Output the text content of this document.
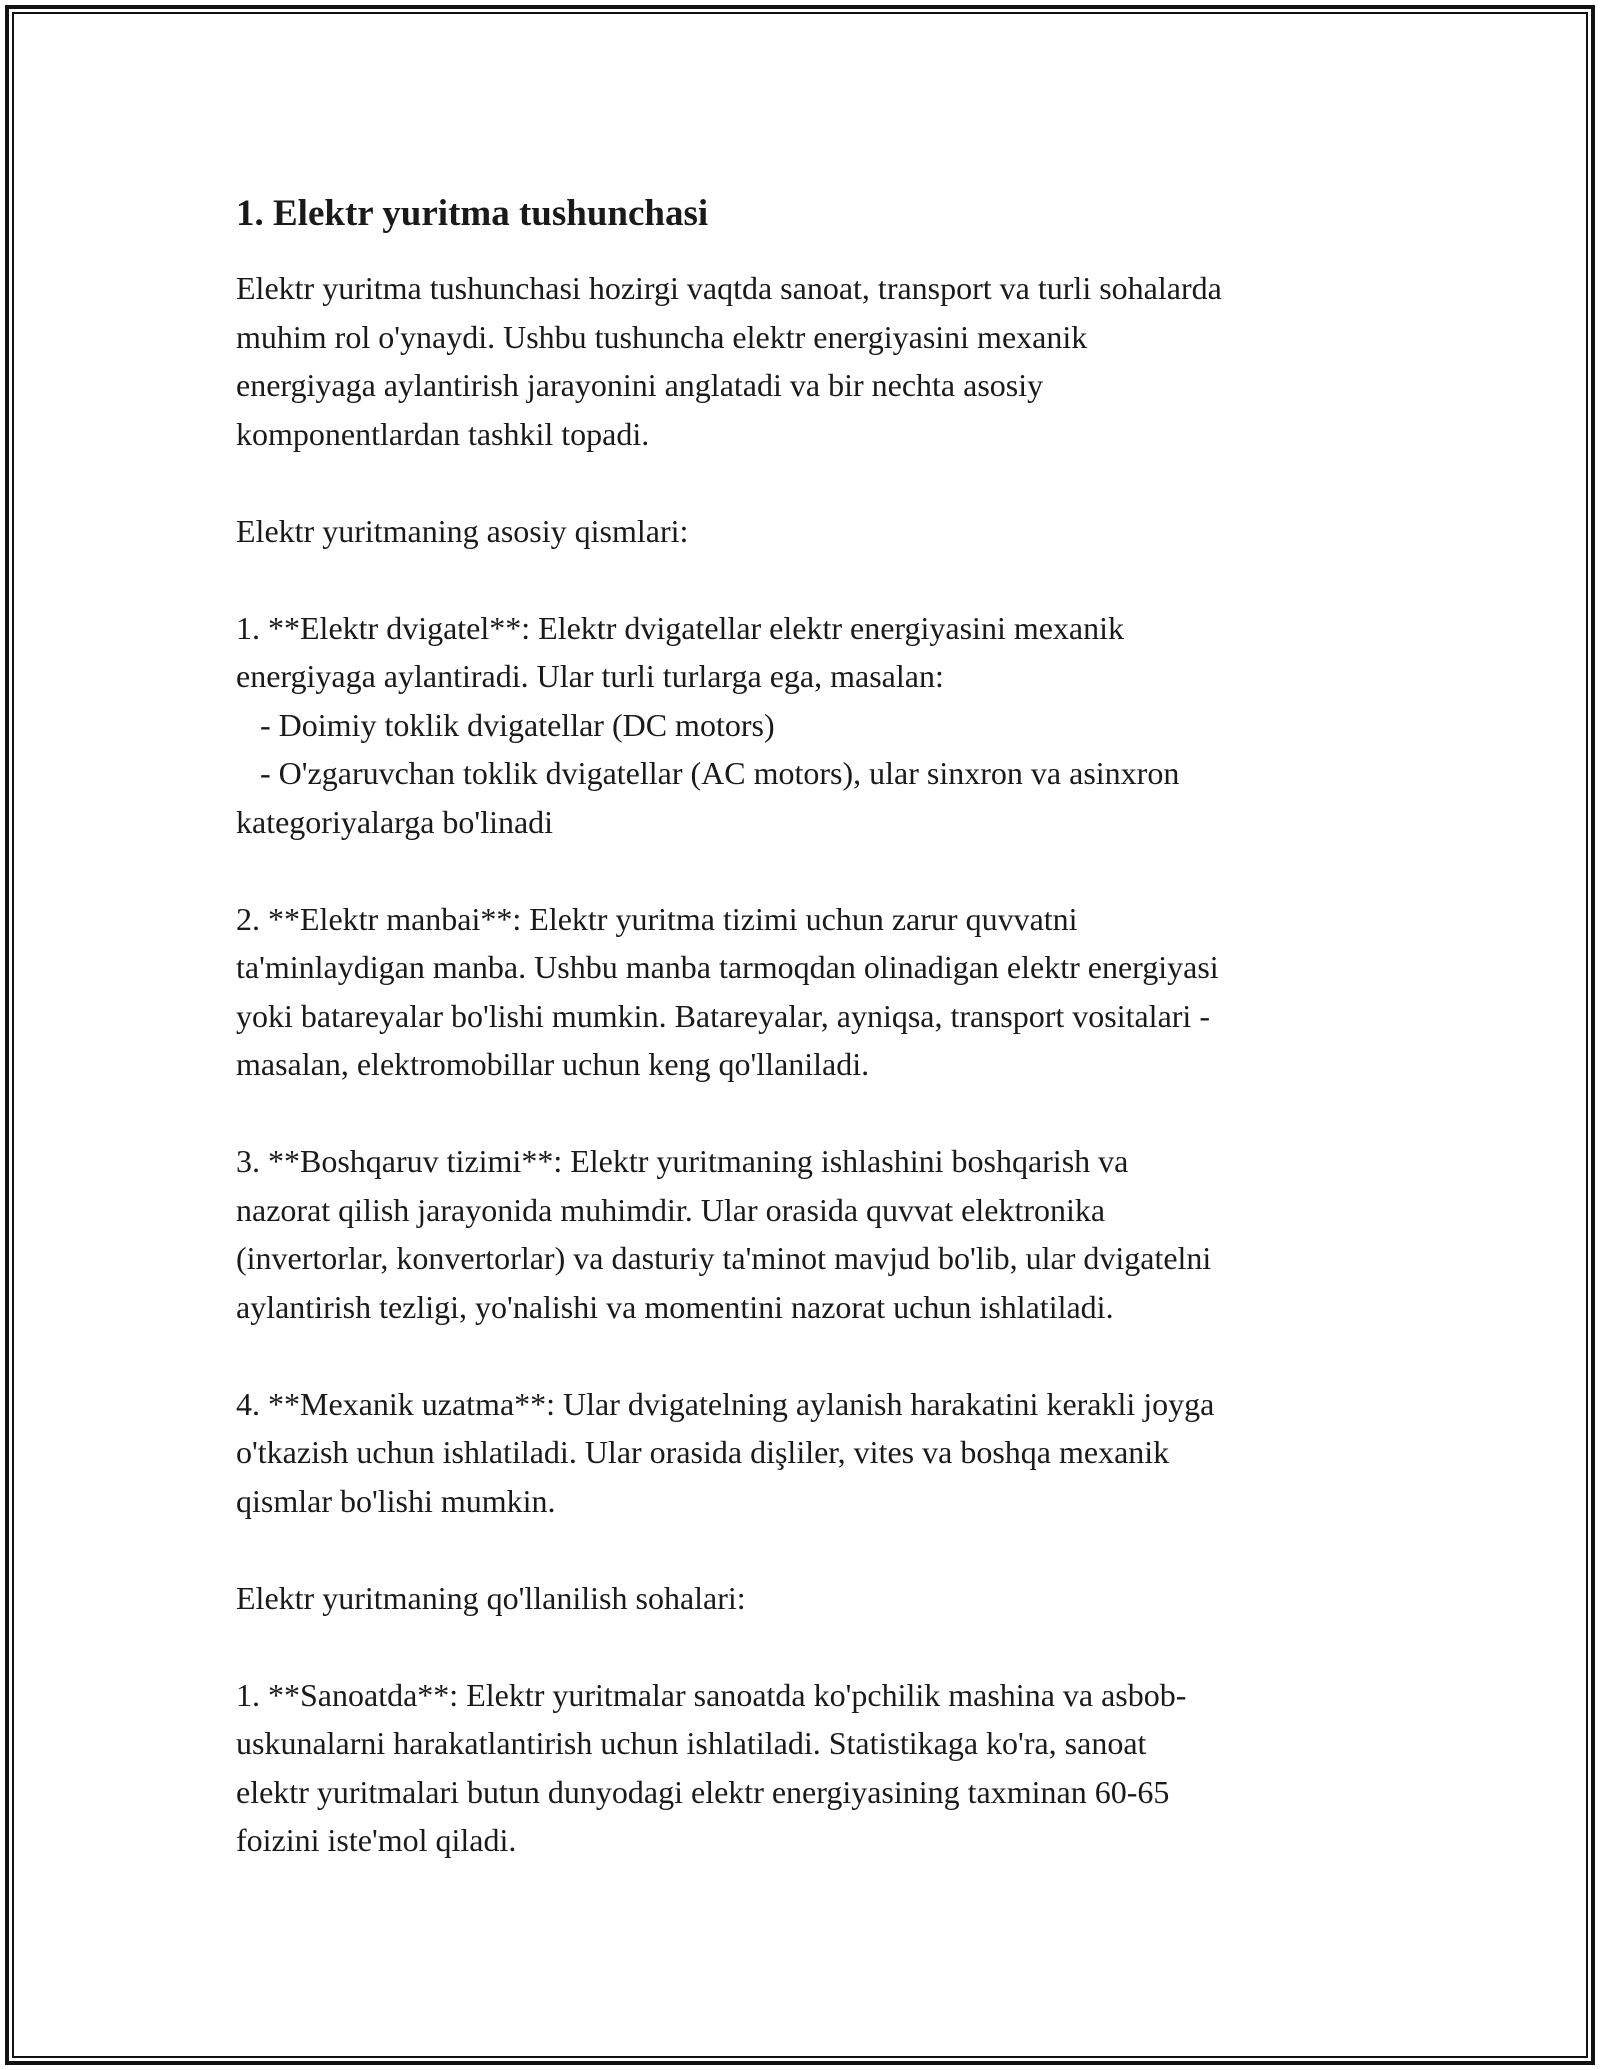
1. Elektr yuritma tushunchasi

Elektr yuritma tushunchasi hozirgi vaqtda sanoat, transport va turli sohalarda
muhim rol o'ynaydi. Ushbu tushuncha elektr energiyasini mexanik
energiyaga aylantirish jarayonini anglatadi va bir nechta asosiy
komponentlardan tashkil topadi.

Elektr yuritmaning asosiy qismlari:

1. **Elektr dvigatel**: Elektr dvigatellar elektr energiyasini mexanik
energiyaga aylantiradi. Ular turli turlarga ega, masalan:
- Doimiy toklik dvigatellar (DC motors)
- O'zgaruvchan toklik dvigatellar (AC motors), ular sinxron va asinxron
kategoriyalarga bo'linadi

2. **Elektr manbai**: Elektr yuritma tizimi uchun zarur quvvatni
ta'minlaydigan manba. Ushbu manba tarmoqdan olinadigan elektr energiyasi
yoki batareyalar bo'lishi mumkin. Batareyalar, ayniqsa, transport vositalari -
masalan, elektromobillar uchun keng qo'llaniladi.

3. **Boshqaruv tizimi**: Elektr yuritmaning ishlashini boshqarish va
nazorat qilish jarayonida muhimdir. Ular orasida quvvat elektronika
(invertorlar, konvertorlar) va dasturiy ta'minot mavjud bo'lib, ular dvigatelni
aylantirish tezligi, yo'nalishi va momentini nazorat uchun ishlatiladi.

4. **Mexanik uzatma**: Ular dvigatelning aylanish harakatini kerakli joyga
o'tkazish uchun ishlatiladi. Ular orasida dişliler, vites va boshqa mexanik
qismlar bo'lishi mumkin.

Elektr yuritmaning qo'llanilish sohalari:

1. **Sanoatda**: Elektr yuritmalar sanoatda ko'pchilik mashina va asbob-
uskunalarni harakatlantirish uchun ishlatiladi. Statistikaga ko'ra, sanoat
elektr yuritmalari butun dunyodagi elektr energiyasining taxminan 60-65
foizini iste'mol qiladi.
